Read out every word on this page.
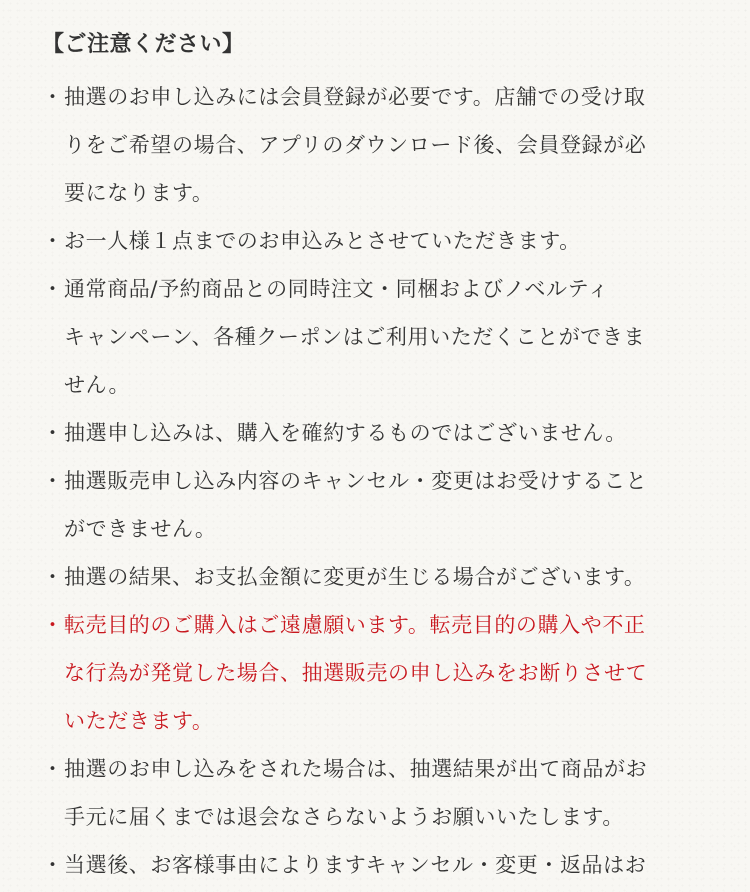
【ご注意ください】
・ 抽選のお申し込みには会員登録が必要です。店舗での受け取
りをご希望の場合、アプリのダウンロード後、会員登録が必
要になります。
・ お一人様１点までのお申込みとさせていただきます。
・ 通常商品/予約商品との同時注文・同梱およびノベルティ
キャンペーン、各種クーポンはご利用いただくことができま
せん。
・ 抽選申し込みは、購入を確約するものではございません。
・ 抽選販売申し込み内容のキャンセル・変更はお受けすること
ができません。
・ 抽選の結果、お支払金額に変更が生じる場合がございます。
・ 転売目的のご購入はご遠慮願います。転売目的の購入や不正
な行為が発覚した場合、抽選販売の申し込みをお断りさせて
いただきます。
・ 抽選のお申し込みをされた場合は、抽選結果が出て商品がお
手元に届くまでは退会なさらないようお願いいたします。
・ 当選後、お客様事由によりますキャンセル・変更・返品はお
